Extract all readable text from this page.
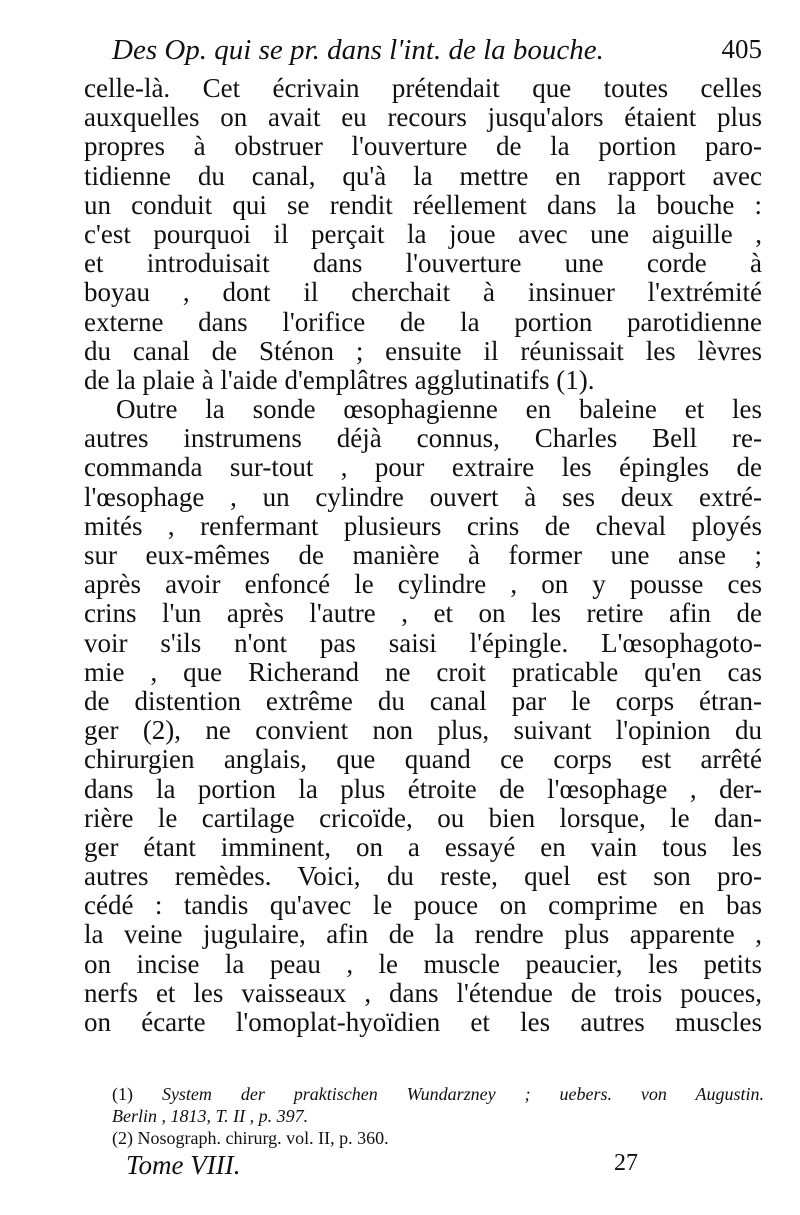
Des Op. qui se pr. dans l'int. de la bouche.	405
celle-là. Cet écrivain prétendait que toutes celles
auxquelles on avait eu recours jusqu'alors étaient plus
propres à obstruer l'ouverture de la portion paro-
tidienne du canal, qu'à la mettre en rapport avec
un conduit qui se rendit réellement dans la bouche :
c'est pourquoi il perçait la joue avec une aiguille ,
et introduisait dans l'ouverture une corde à
boyau , dont il cherchait à insinuer l'extrémité
externe dans l'orifice de la portion parotidienne
du canal de Sténon ; ensuite il réunissait les lèvres
de la plaie à l'aide d'emplâtres agglutinatifs (1).
Outre la sonde œsophagienne en baleine et les
autres instrumens déjà connus, Charles Bell re-
commanda sur-tout , pour extraire les épingles de
l'œsophage , un cylindre ouvert à ses deux extré-
mités , renfermant plusieurs crins de cheval ployés
sur eux-mêmes de manière à former une anse ;
après avoir enfoncé le cylindre , on y pousse ces
crins l'un après l'autre , et on les retire afin de
voir s'ils n'ont pas saisi l'épingle. L'œsophagoto-
mie , que Richerand ne croit praticable qu'en cas
de distention extrême du canal par le corps étran-
ger (2), ne convient non plus, suivant l'opinion du
chirurgien anglais, que quand ce corps est arrêté
dans la portion la plus étroite de l'œsophage , der-
rière le cartilage cricoïde, ou bien lorsque, le dan-
ger étant imminent, on a essayé en vain tous les
autres remèdes. Voici, du reste, quel est son pro-
cédé : tandis qu'avec le pouce on comprime en bas
la veine jugulaire, afin de la rendre plus apparente ,
on incise la peau , le muscle peaucier, les petits
nerfs et les vaisseaux , dans l'étendue de trois pouces,
on écarte l'omoplat-hyoïdien et les autres muscles
(1) System der praktischen Wundarzney ; uebers. von Augustin.
Berlin , 1813, T. II , p. 397.
(2) Nosograph. chirurg. vol. II, p. 360.
Tome VIII.	27
